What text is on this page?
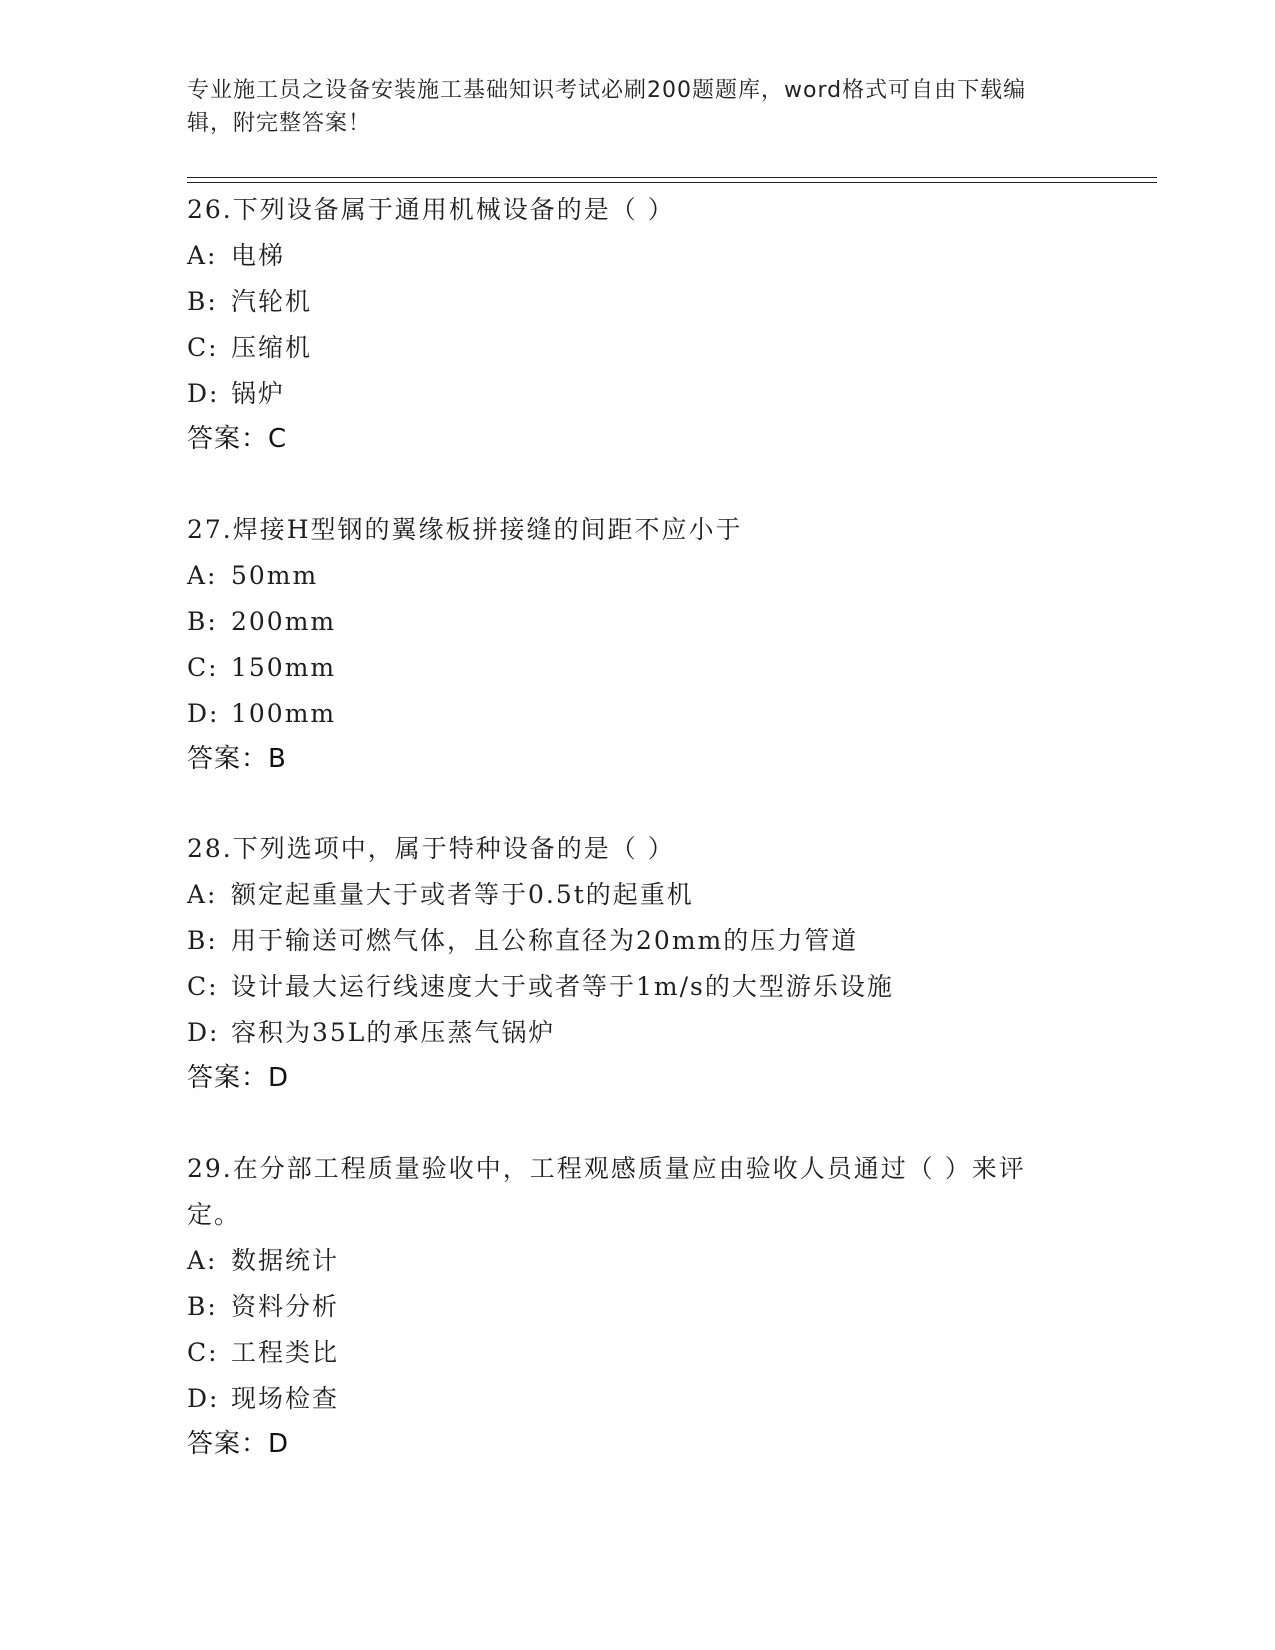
专业施工员之设备安装施工基础知识考试必刷200题题库，word格式可自由下载编辑，附完整答案！
26.下列设备属于通用机械设备的是（ ）
A: 电梯
B: 汽轮机
C: 压缩机
D: 锅炉
答案：C
27.焊接H型钢的翼缘板拼接缝的间距不应小于
A: 50mm
B: 200mm
C: 150mm
D: 100mm
答案：B
28.下列选项中，属于特种设备的是（ ）
A: 额定起重量大于或者等于0.5t的起重机
B: 用于输送可燃气体，且公称直径为20mm的压力管道
C: 设计最大运行线速度大于或者等于1m/s的大型游乐设施
D: 容积为35L的承压蒸气锅炉
答案：D
29.在分部工程质量验收中，工程观感质量应由验收人员通过（ ）来评定。
A: 数据统计
B: 资料分析
C: 工程类比
D: 现场检查
答案：D
